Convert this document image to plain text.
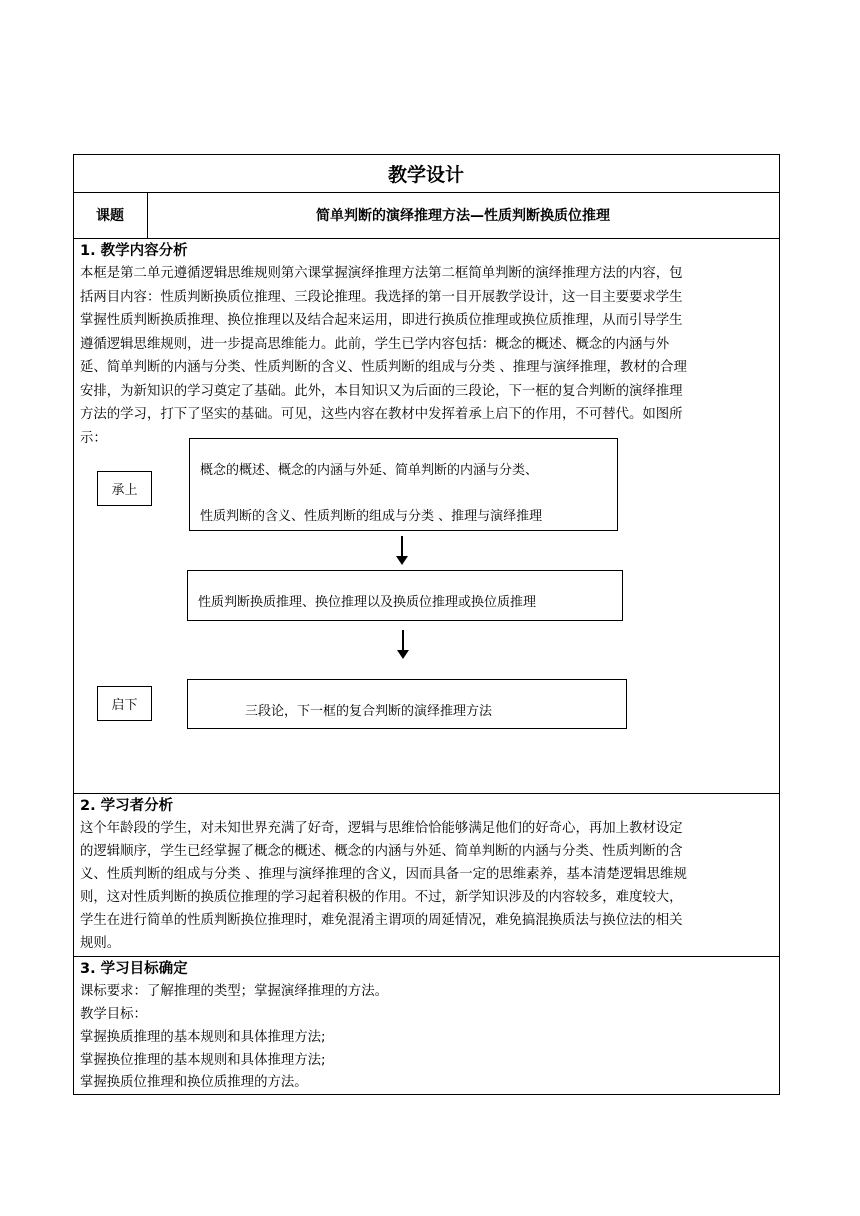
教学设计
课题	简单判断的演绎推理方法—性质判断换质位推理
1. 教学内容分析
本框是第二单元遵循逻辑思维规则第六课掌握演绎推理方法第二框简单判断的演绎推理方法的内容，包
括两目内容：性质判断换质位推理、三段论推理。我选择的第一目开展教学设计，这一目主要要求学生
掌握性质判断换质推理、换位推理以及结合起来运用，即进行换质位推理或换位质推理，从而引导学生
遵循逻辑思维规则，进一步提高思维能力。此前，学生已学内容包括：概念的概述、概念的内涵与外
延、简单判断的内涵与分类、性质判断的含义、性质判断的组成与分类 、推理与演绎推理，教材的合理
安排，为新知识的学习奠定了基础。此外，本目知识又为后面的三段论，下一框的复合判断的演绎推理
方法的学习，打下了坚实的基础。可见，这些内容在教材中发挥着承上启下的作用，不可替代。如图所
示：
承上
概念的概述、概念的内涵与外延、简单判断的内涵与分类、
性质判断的含义、性质判断的组成与分类 、推理与演绎推理
性质判断换质推理、换位推理以及换质位推理或换位质推理
启下	三段论，下一框的复合判断的演绎推理方法
2. 学习者分析
这个年龄段的学生，对未知世界充满了好奇，逻辑与思维恰恰能够满足他们的好奇心，再加上教材设定
的逻辑顺序，学生已经掌握了概念的概述、概念的内涵与外延、简单判断的内涵与分类、性质判断的含
义、性质判断的组成与分类 、推理与演绎推理的含义，因而具备一定的思维素养，基本清楚逻辑思维规
则，这对性质判断的换质位推理的学习起着积极的作用。不过，新学知识涉及的内容较多，难度较大，
学生在进行简单的性质判断换位推理时，难免混淆主谓项的周延情况，难免搞混换质法与换位法的相关
规则。
3. 学习目标确定
课标要求：了解推理的类型；掌握演绎推理的方法。
教学目标：
掌握换质推理的基本规则和具体推理方法;
掌握换位推理的基本规则和具体推理方法;
掌握换质位推理和换位质推理的方法。
